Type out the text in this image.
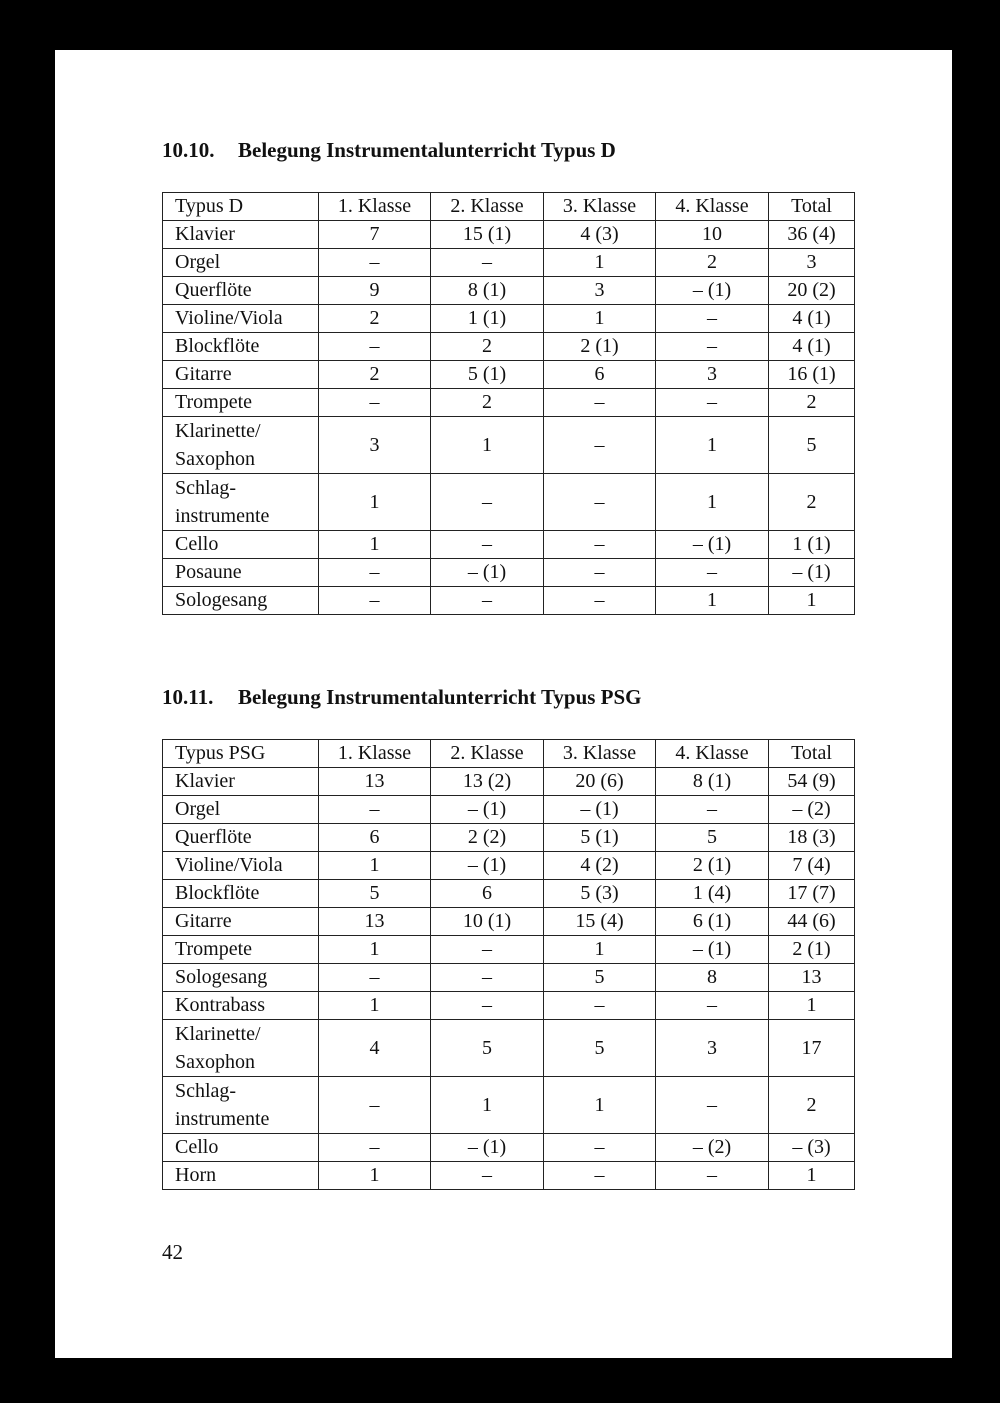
10.10. Belegung Instrumentalunterricht Typus D
Typus D	1. Klasse	2. Klasse	3. Klasse	4. Klasse	Total
Klavier	7	15 (1)	4 (3)	10	36 (4)
Orgel	–	–	1	2	3
Querflöte	9	8 (1)	3	– (1)	20 (2)
Violine/Viola	2	1 (1)	1	–	4 (1)
Blockflöte	–	2	2 (1)	–	4 (1)
Gitarre	2	5 (1)	6	3	16 (1)
Trompete	–	2	–	–	2
Klarinette/ Saxophon	3	1	–	1	5
Schlag- instrumente	1	–	–	1	2
Cello	1	–	–	– (1)	1 (1)
Posaune	–	– (1)	–	–	– (1)
Sologesang	–	–	–	1	1
10.11. Belegung Instrumentalunterricht Typus PSG
Typus PSG	1. Klasse	2. Klasse	3. Klasse	4. Klasse	Total
Klavier	13	13 (2)	20 (6)	8 (1)	54 (9)
Orgel	–	– (1)	– (1)	–	– (2)
Querflöte	6	2 (2)	5 (1)	5	18 (3)
Violine/Viola	1	– (1)	4 (2)	2 (1)	7 (4)
Blockflöte	5	6	5 (3)	1 (4)	17 (7)
Gitarre	13	10 (1)	15 (4)	6 (1)	44 (6)
Trompete	1	–	1	– (1)	2 (1)
Sologesang	–	–	5	8	13
Kontrabass	1	–	–	–	1
Klarinette/ Saxophon	4	5	5	3	17
Schlag- instrumente	–	1	1	–	2
Cello	–	– (1)	–	– (2)	– (3)
Horn	1	–	–	–	1

42
